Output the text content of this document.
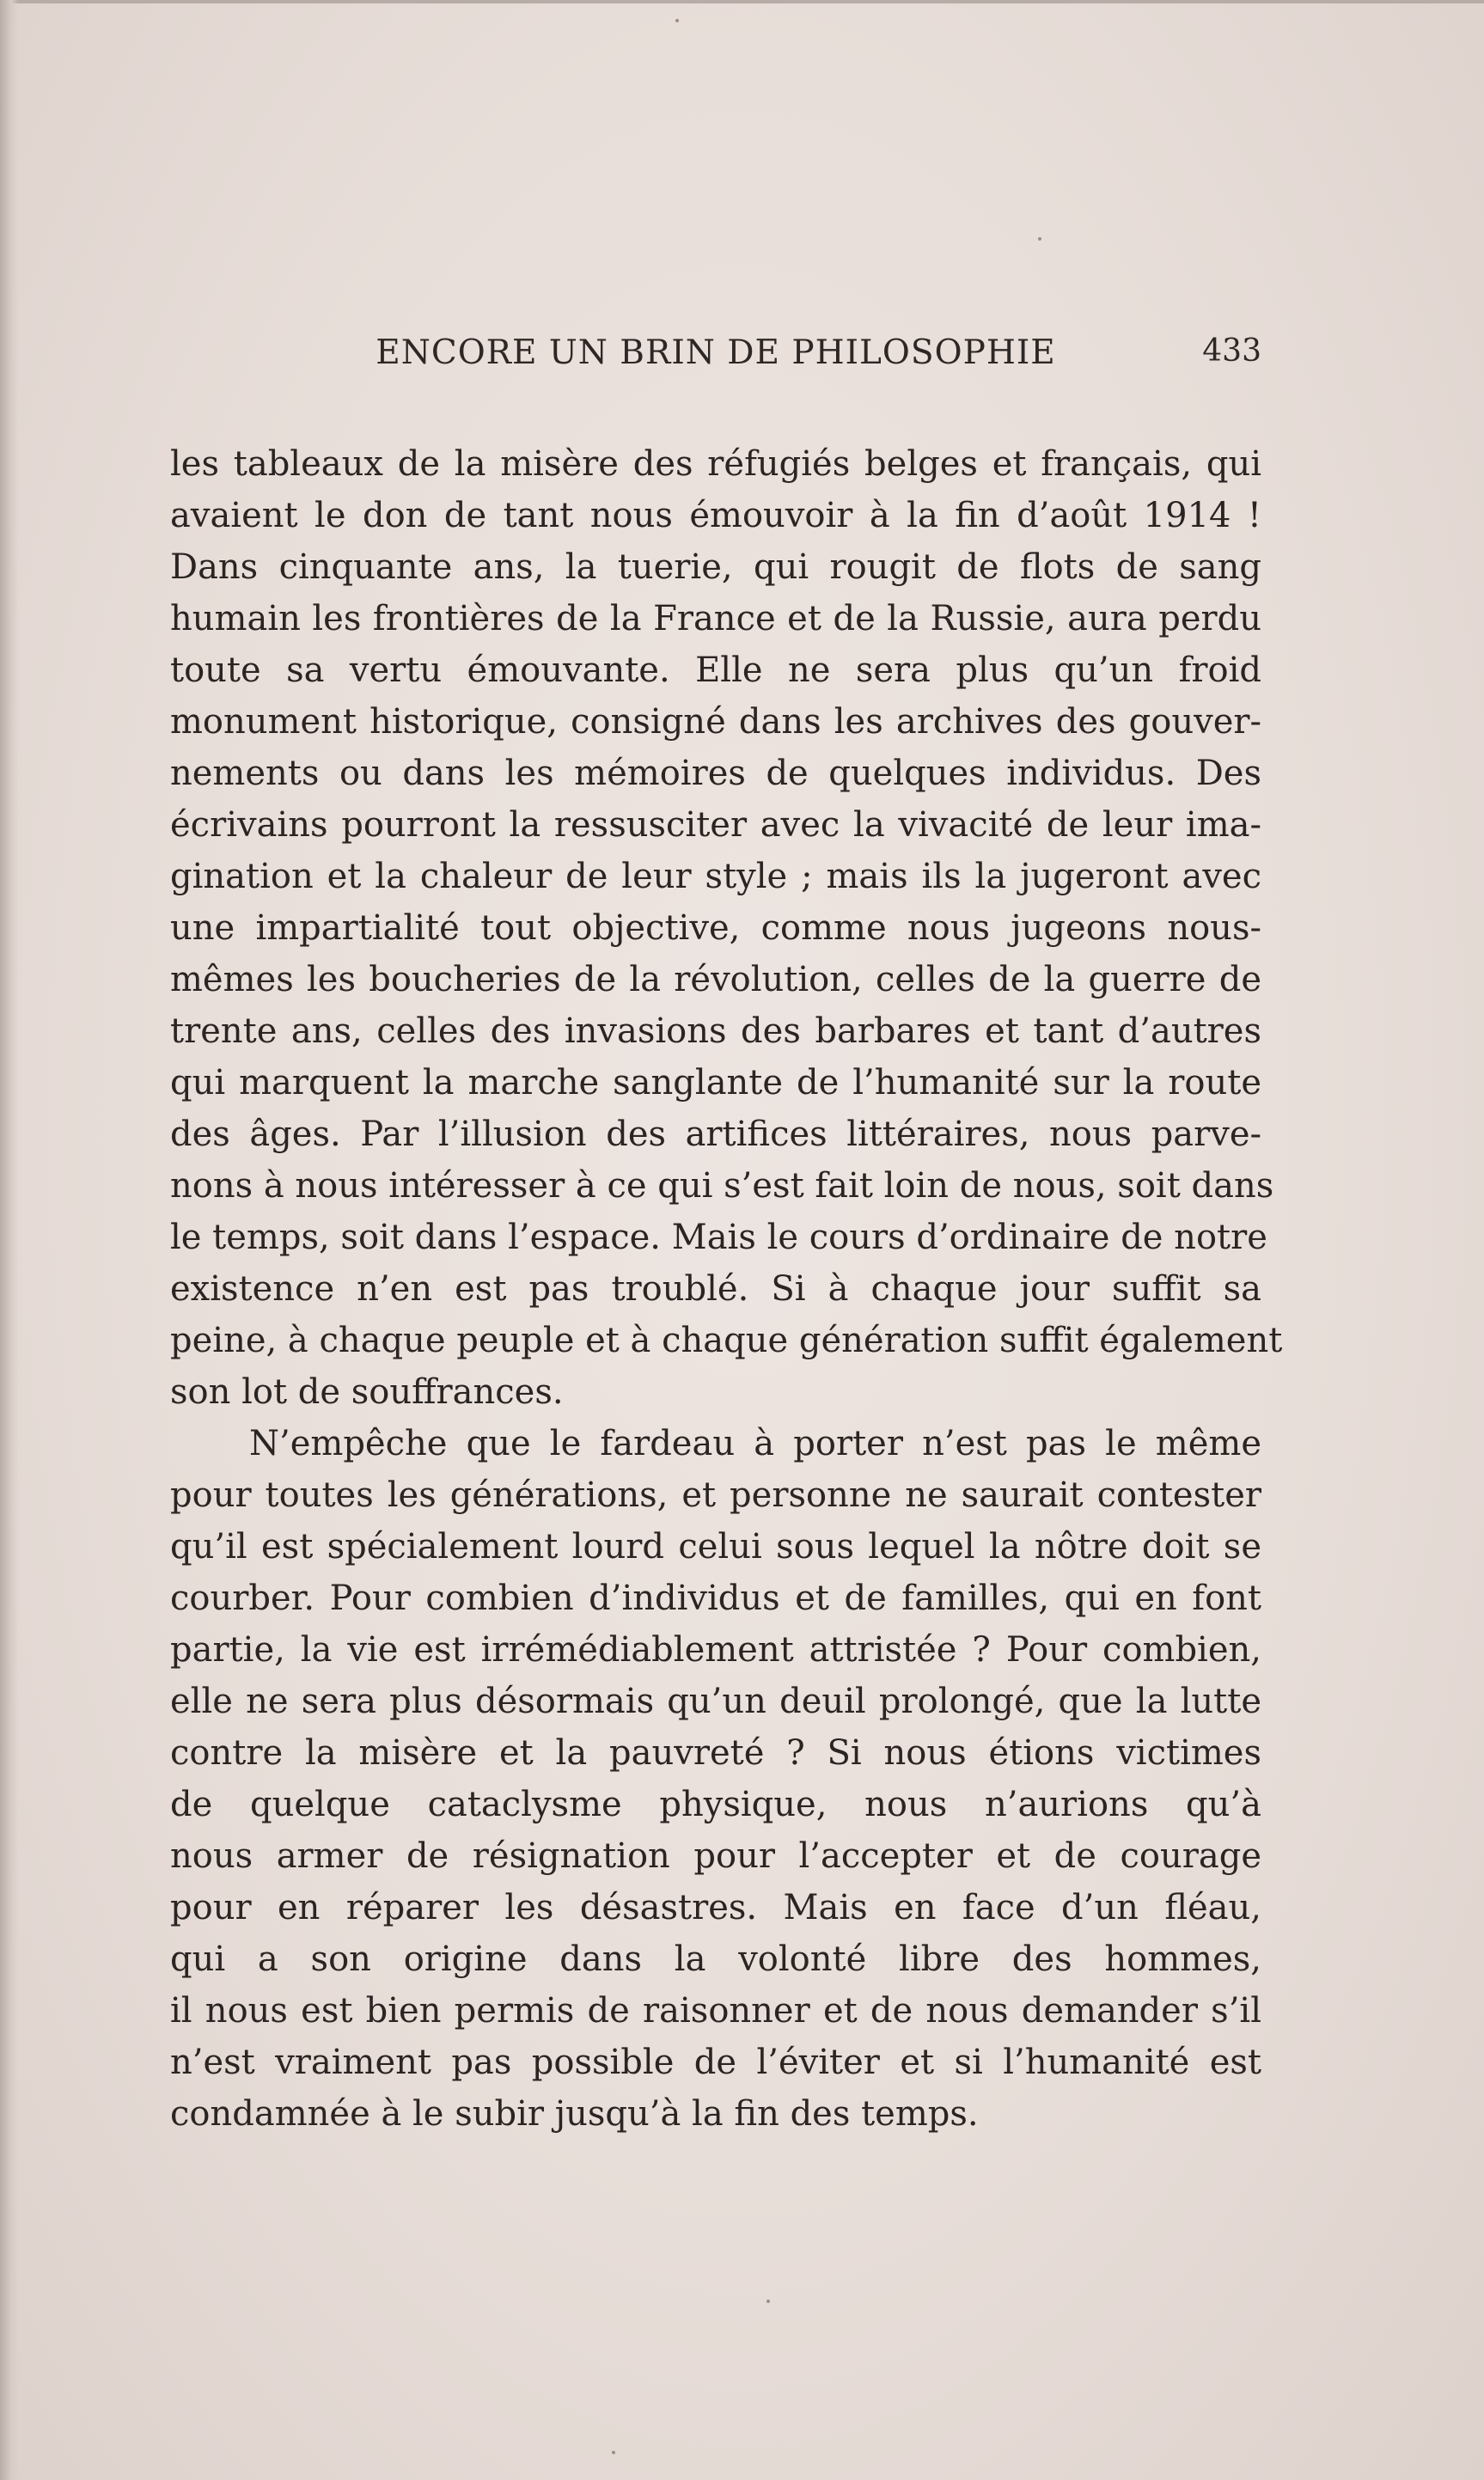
ENCORE UN BRIN DE PHILOSOPHIE	433

les tableaux de la misère des réfugiés belges et français, qui
avaient le don de tant nous émouvoir à la fin d’août 1914 !
Dans cinquante ans, la tuerie, qui rougit de flots de sang
humain les frontières de la France et de la Russie, aura perdu
toute sa vertu émouvante. Elle ne sera plus qu’un froid
monument historique, consigné dans les archives des gouver-
nements ou dans les mémoires de quelques individus. Des
écrivains pourront la ressusciter avec la vivacité de leur ima-
gination et la chaleur de leur style ; mais ils la jugeront avec
une impartialité tout objective, comme nous jugeons nous-
mêmes les boucheries de la révolution, celles de la guerre de
trente ans, celles des invasions des barbares et tant d’autres
qui marquent la marche sanglante de l’humanité sur la route
des âges. Par l’illusion des artifices littéraires, nous parve-
nons à nous intéresser à ce qui s’est fait loin de nous, soit dans
le temps, soit dans l’espace. Mais le cours d’ordinaire de notre
existence n’en est pas troublé. Si à chaque jour suffit sa
peine, à chaque peuple et à chaque génération suffit également
son lot de souffrances.

N’empêche que le fardeau à porter n’est pas le même
pour toutes les générations, et personne ne saurait contester
qu’il est spécialement lourd celui sous lequel la nôtre doit se
courber. Pour combien d’individus et de familles, qui en font
partie, la vie est irrémédiablement attristée ? Pour combien,
elle ne sera plus désormais qu’un deuil prolongé, que la lutte
contre la misère et la pauvreté ? Si nous étions victimes
de quelque cataclysme physique, nous n’aurions qu’à
nous armer de résignation pour l’accepter et de courage
pour en réparer les désastres. Mais en face d’un fléau,
qui a son origine dans la volonté libre des hommes,
il nous est bien permis de raisonner et de nous demander s’il
n’est vraiment pas possible de l’éviter et si l’humanité est
condamnée à le subir jusqu’à la fin des temps.
